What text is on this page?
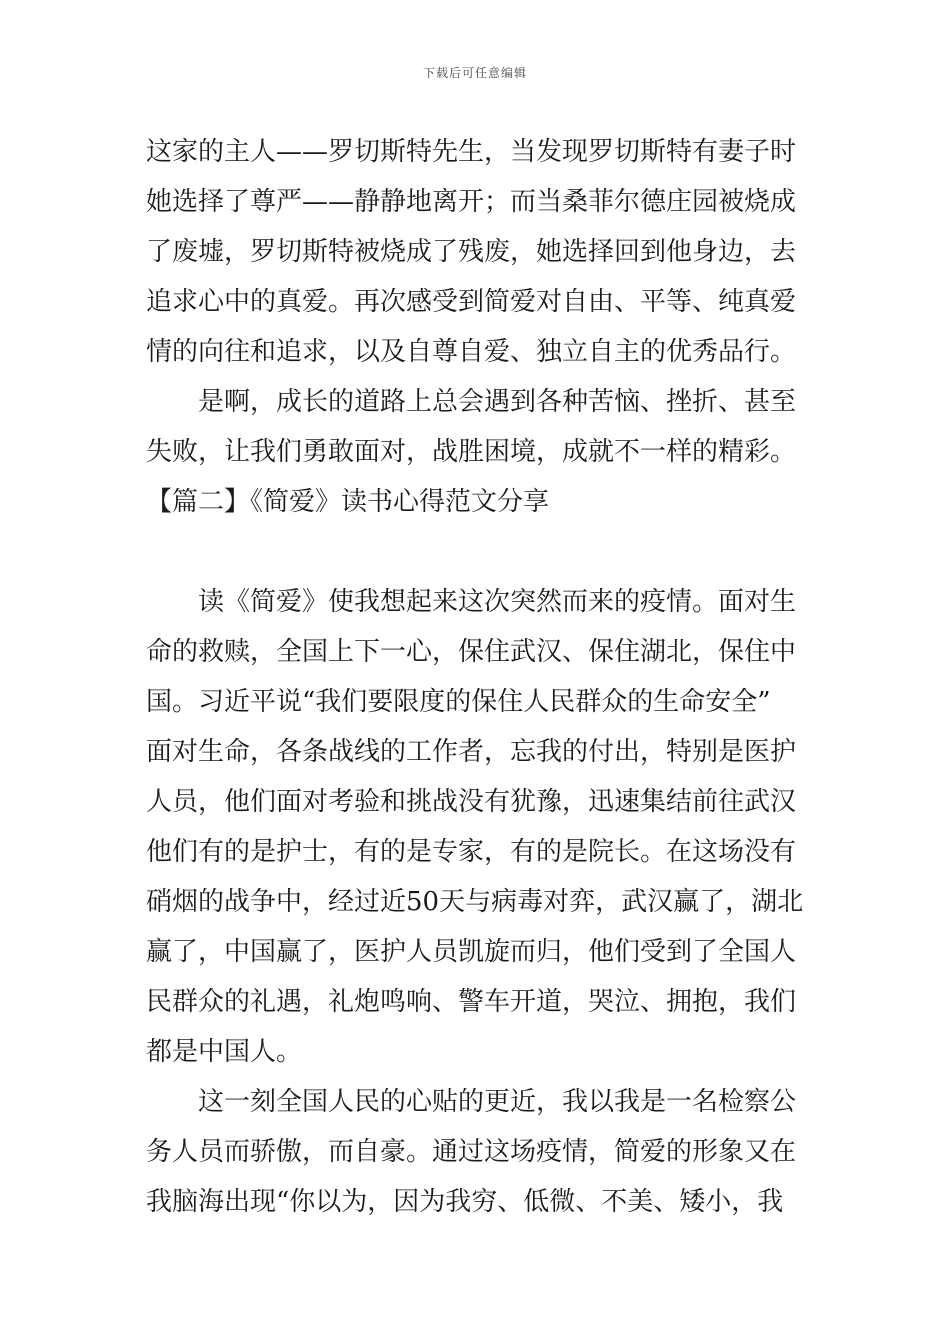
下载后可任意编辑
这家的主人——罗切斯特先生，当发现罗切斯特有妻子时
她选择了尊严——静静地离开；而当桑菲尔德庄园被烧成
了废墟，罗切斯特被烧成了残废，她选择回到他身边，去
追求心中的真爱。再次感受到简爱对自由、平等、纯真爱
情的向往和追求，以及自尊自爱、独立自主的优秀品行。
是啊，成长的道路上总会遇到各种苦恼、挫折、甚至
失败，让我们勇敢面对，战胜困境，成就不一样的精彩。
【篇二】《简爱》读书心得范文分享
读《简爱》使我想起来这次突然而来的疫情。面对生
命的救赎，全国上下一心，保住武汉、保住湖北，保住中
国。习近平说“我们要限度的保住人民群众的生命安全”
面对生命，各条战线的工作者，忘我的付出，特别是医护
人员，他们面对考验和挑战没有犹豫，迅速集结前往武汉
他们有的是护士，有的是专家，有的是院长。在这场没有
硝烟的战争中，经过近50天与病毒对弈，武汉赢了，湖北
赢了，中国赢了，医护人员凯旋而归，他们受到了全国人
民群众的礼遇，礼炮鸣响、警车开道，哭泣、拥抱，我们
都是中国人。
这一刻全国人民的心贴的更近，我以我是一名检察公
务人员而骄傲，而自豪。通过这场疫情，简爱的形象又在
我脑海出现“你以为，因为我穷、低微、不美、矮小，我
